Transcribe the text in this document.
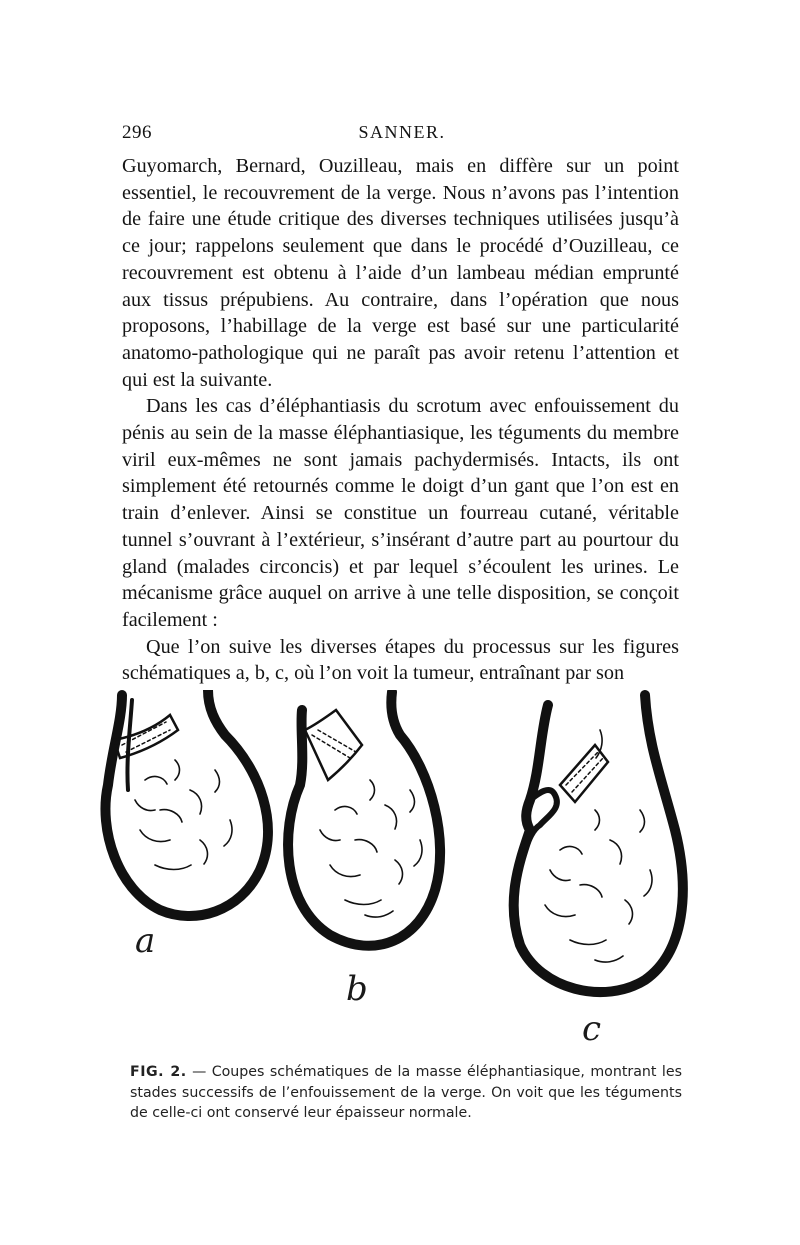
296	SANNER.

Guyomarch, Bernard, Ouzilleau, mais en diffère sur un point essentiel, le recouvrement de la verge. Nous n’avons pas l’intention de faire une étude critique des diverses techniques utilisées jusqu’à ce jour; rappelons seulement que dans le procédé d’Ouzilleau, ce recouvrement est obtenu à l’aide d’un lambeau médian emprunté aux tissus prépubiens. Au contraire, dans l’opération que nous proposons, l’habillage de la verge est basé sur une particularité anatomo-pathologique qui ne paraît pas avoir retenu l’attention et qui est la suivante.

Dans les cas d’éléphantiasis du scrotum avec enfouissement du pénis au sein de la masse éléphantiasique, les téguments du membre viril eux-mêmes ne sont jamais pachydermisés. Intacts, ils ont simplement été retournés comme le doigt d’un gant que l’on est en train d’enlever. Ainsi se constitue un fourreau cutané, véritable tunnel s’ouvrant à l’extérieur, s’insérant d’autre part au pourtour du gland (malades circoncis) et par lequel s’écoulent les urines. Le mécanisme grâce auquel on arrive à une telle disposition, se conçoit facilement :

Que l’on suive les diverses étapes du processus sur les figures schématiques a, b, c, où l’on voit la tumeur, entraînant par son

a
b
c
FIG. 2. — Coupes schématiques de la masse éléphantiasique, montrant les stades successifs de l’enfouissement de la verge. On voit que les téguments de celle-ci ont conservé leur épaisseur normale.
